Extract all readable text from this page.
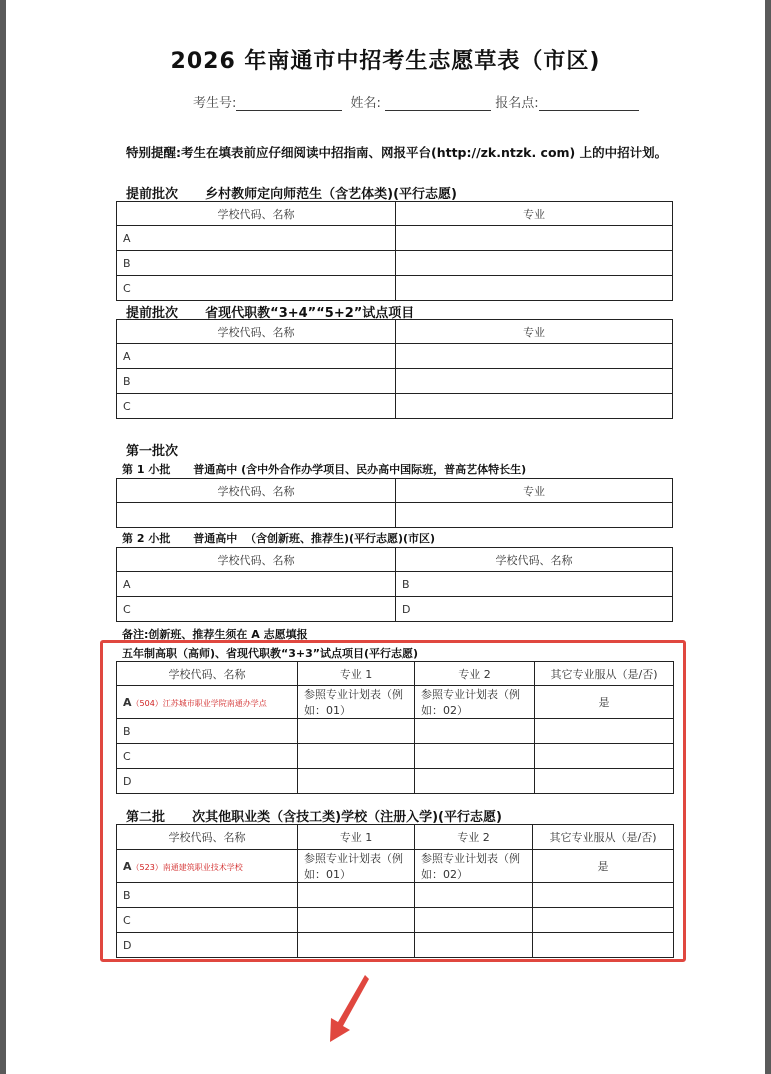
2026 年南通市中招考生志愿草表（市区)
考生号:	姓名:	报名点:
特别提醒:考生在填表前应仔细阅读中招指南、网报平台(http://zk.ntzk. com) 上的中招计划。
提前批次      乡村教师定向师范生（含艺体类)(平行志愿)
学校代码、名称	专业
A	
B	
C	
提前批次      省现代职教“3+4”“5+2”试点项目
学校代码、名称	专业
A	
B	
C	
第一批次
第 1 小批      普通高中 (含中外合作办学项目、民办高中国际班，普高艺体特长生)
学校代码、名称	专业

第 2 小批      普通高中  （含创新班、推荐生)(平行志愿)(市区)
学校代码、名称	学校代码、名称
A	B
C	D
备注:创新班、推荐生须在 A 志愿填报
五年制高职（高师)、省现代职教“3+3”试点项目(平行志愿)
学校代码、名称	专业 1	专业 2	其它专业服从（是/否)
A（504）江苏城市职业学院南通办学点	参照专业计划表（例如：01）	参照专业计划表（例如：02）	是
B			
C			
D			
第二批      次其他职业类（含技工类)学校（注册入学)(平行志愿)
学校代码、名称	专业 1	专业 2	其它专业服从（是/否)
A（523）南通建筑职业技术学校	参照专业计划表（例如：01）	参照专业计划表（例如：02）	是
B			
C			
D			
